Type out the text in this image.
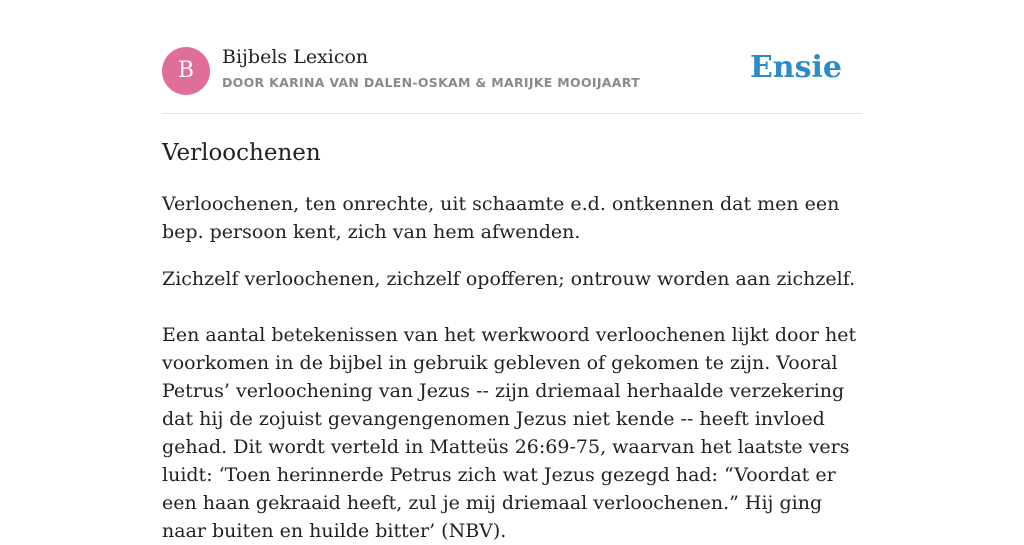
B
Bijbels Lexicon
DOOR KARINA VAN DALEN-OSKAM & MARIJKE MOOIJAART	Ensie
Verloochenen

Verloochenen, ten onrechte, uit schaamte e.d. ontkennen dat men een bep. persoon kent, zich van hem afwenden.

Zichzelf verloochenen, zichzelf opofferen; ontrouw worden aan zichzelf.

Een aantal betekenissen van het werkwoord verloochenen lijkt door het voorkomen in de bijbel in gebruik gebleven of gekomen te zijn. Vooral Petrus’ verloochening van Jezus -- zijn driemaal herhaalde verzekering dat hij de zojuist gevangengenomen Jezus niet kende -- heeft invloed gehad. Dit wordt verteld in Matteüs 26:69-75, waarvan het laatste vers luidt: ‘Toen herinnerde Petrus zich wat Jezus gezegd had: “Voordat er een haan gekraaid heeft, zul je mij driemaal verloochenen.” Hij ging naar buiten en huilde bitter’ (NBV).
